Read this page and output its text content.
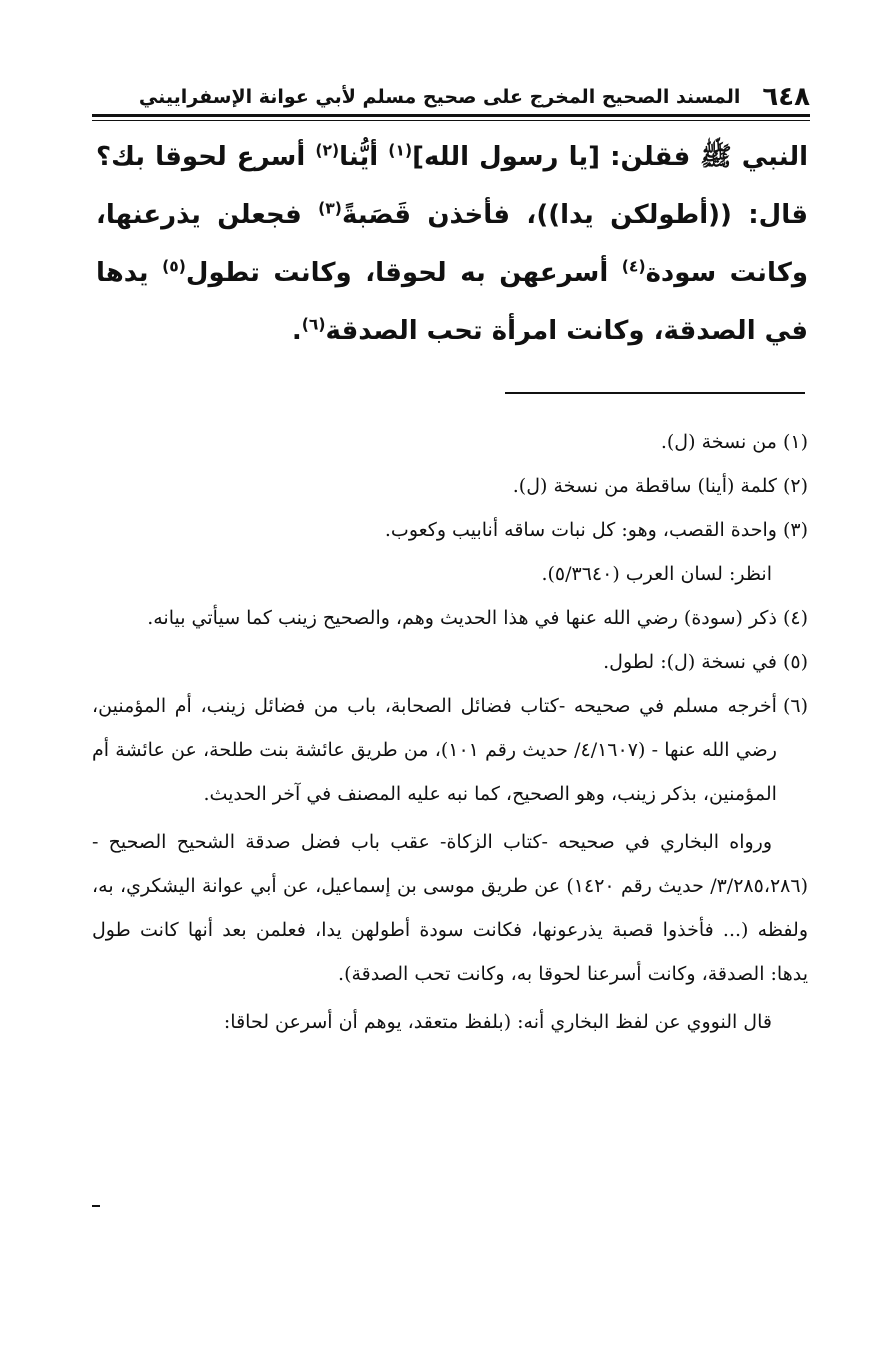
٦٤٨
المسند الصحيح المخرج على صحيح مسلم لأبي عوانة الإسفراييني

النبي ﷺ فقلن: [يا رسول الله]$^{(١)}$ أيُّنا$^{(٢)}$ أسرع لحوقا بك؟ قال: ((أطولكن يدا))، فأخذن قَصَبةً$^{(٣)}$ فجعلن يذرعنها، وكانت سودة$^{(٤)}$ أسرعهن به لحوقا، وكانت تطول$^{(٥)}$ يدها في الصدقة، وكانت امرأة تحب الصدقة$^{(٦)}$.

(١)
من نسخة (ل).
(٢)
كلمة (أينا) ساقطة من نسخة (ل).
(٣)
واحدة القصب، وهو: كل نبات ساقه أنابيب وكعوب.
انظر: لسان العرب (٥/٣٦٤٠).
(٤)
ذكر (سودة) رضي الله عنها في هذا الحديث وهم، والصحيح زينب كما سيأتي بيانه.
(٥)
في نسخة (ل): لطول.
(٦)
أخرجه مسلم في صحيحه -كتاب فضائل الصحابة، باب من فضائل زينب، أم المؤمنين، رضي الله عنها - (٤/١٦٠٧/ حديث رقم ١٠١)، من طريق عائشة بنت طلحة، عن عائشة أم المؤمنين، بذكر زينب، وهو الصحيح، كما نبه عليه المصنف في آخر الحديث.

ورواه البخاري في صحيحه -كتاب الزكاة- عقب باب فضل صدقة الشحيح الصحيح - (٣/٢٨٥،٢٨٦/ حديث رقم ١٤٢٠) عن طريق موسى بن إسماعيل، عن أبي عوانة اليشكري، به، ولفظه (... فأخذوا قصبة يذرعونها، فكانت سودة أطولهن يدا، فعلمن بعد أنها كانت طول يدها: الصدقة، وكانت أسرعنا لحوقا به، وكانت تحب الصدقة).

قال النووي عن لفظ البخاري أنه: (بلفظ متعقد، يوهم أن أسرعن لحاقا:
